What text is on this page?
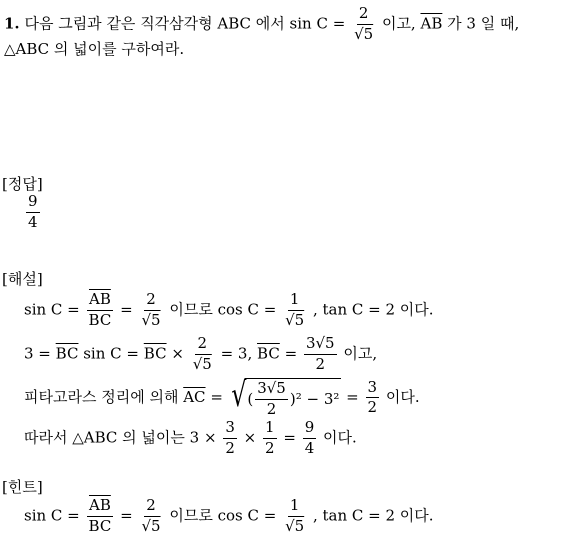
1. 다음 그림과 같은 직각삼각형 ABC 에서 $\sin C = \frac{2}{√5}$ 이고, $\overline{AB}$ 가 3 일 때,
△ABC 의 넓이를 구하여라.
[정답]
$\frac{9}{4}$
[해설]
$\sin C = \frac{\overline{AB}}{BC} = \frac{2}{√5}$ 이므로 $\cos C = \frac{1}{√5}$ , tan C = 2 이다.
$3 = \overline{BC}$ $\sin C = \overline{BC} \times \frac{2}{√5} = 3$, $\overline{BC} = \frac{3√5}{2}$ 이고,
피타고라스 정리에 의해 $\overline{AC}$ = √ ( $\frac{3√5}{2} )^2 - 3^2 = \frac{3}{2}$ 이다.
따라서 △ABC 의 넓이는 $3 \times \frac{3}{2} \times \frac{1}{2} = \frac{9}{4}$ 이다.
[힌트]
$\sin C = \frac{\overline{AB}}{BC} = \frac{2}{√5}$ 이므로 $\cos C = \frac{1}{√5}$ , tan C = 2 이다.
